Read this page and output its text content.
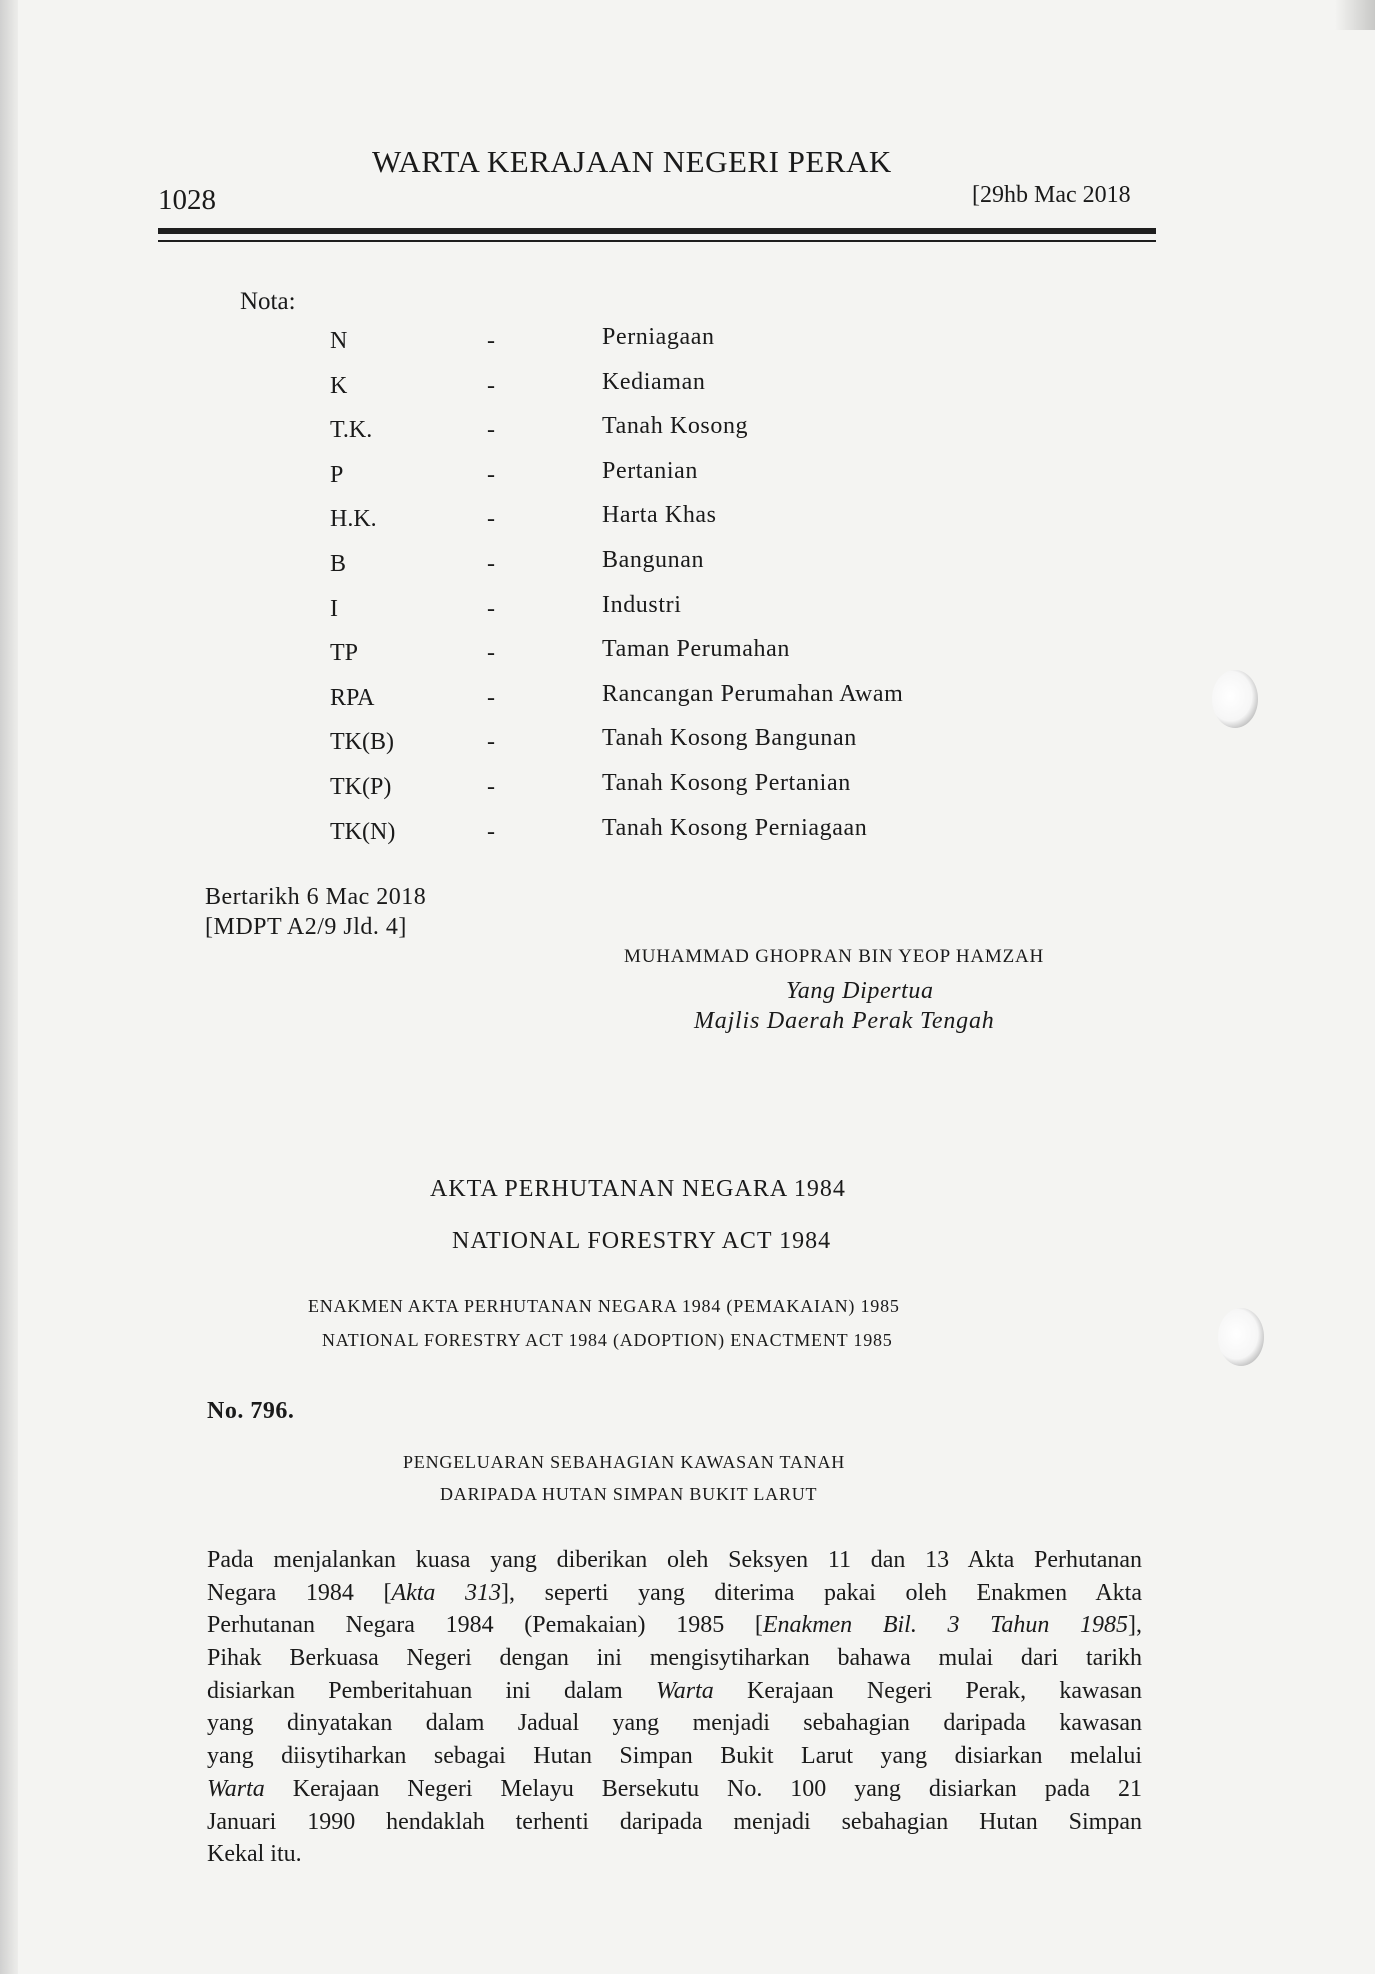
WARTA KERAJAAN NEGERI PERAK
1028	[29hb Mac 2018
Nota:
N	-	Perniagaan
K	-	Kediaman
T.K.	-	Tanah Kosong
P	-	Pertanian
H.K.	-	Harta Khas
B	-	Bangunan
I	-	Industri
TP	-	Taman Perumahan
RPA	-	Rancangan Perumahan Awam
TK(B)	-	Tanah Kosong Bangunan
TK(P)	-	Tanah Kosong Pertanian
TK(N)	-	Tanah Kosong Perniagaan
Bertarikh 6 Mac 2018
[MDPT A2/9 Jld. 4]
MUHAMMAD GHOPRAN BIN YEOP HAMZAH
Yang Dipertua
Majlis Daerah Perak Tengah
AKTA PERHUTANAN NEGARA 1984
NATIONAL FORESTRY ACT 1984
ENAKMEN AKTA PERHUTANAN NEGARA 1984 (PEMAKAIAN) 1985
NATIONAL FORESTRY ACT 1984 (ADOPTION) ENACTMENT 1985
No. 796.
PENGELUARAN SEBAHAGIAN KAWASAN TANAH
DARIPADA HUTAN SIMPAN BUKIT LARUT
Pada menjalankan kuasa yang diberikan oleh Seksyen 11 dan 13 Akta Perhutanan
Negara 1984 [Akta 313], seperti yang diterima pakai oleh Enakmen Akta
Perhutanan Negara 1984 (Pemakaian) 1985 [Enakmen Bil. 3 Tahun 1985],
Pihak Berkuasa Negeri dengan ini mengisytiharkan bahawa mulai dari tarikh
disiarkan Pemberitahuan ini dalam Warta Kerajaan Negeri Perak, kawasan
yang dinyatakan dalam Jadual yang menjadi sebahagian daripada kawasan
yang diisytiharkan sebagai Hutan Simpan Bukit Larut yang disiarkan melalui
Warta Kerajaan Negeri Melayu Bersekutu No. 100 yang disiarkan pada 21
Januari 1990 hendaklah terhenti daripada menjadi sebahagian Hutan Simpan
Kekal itu.
